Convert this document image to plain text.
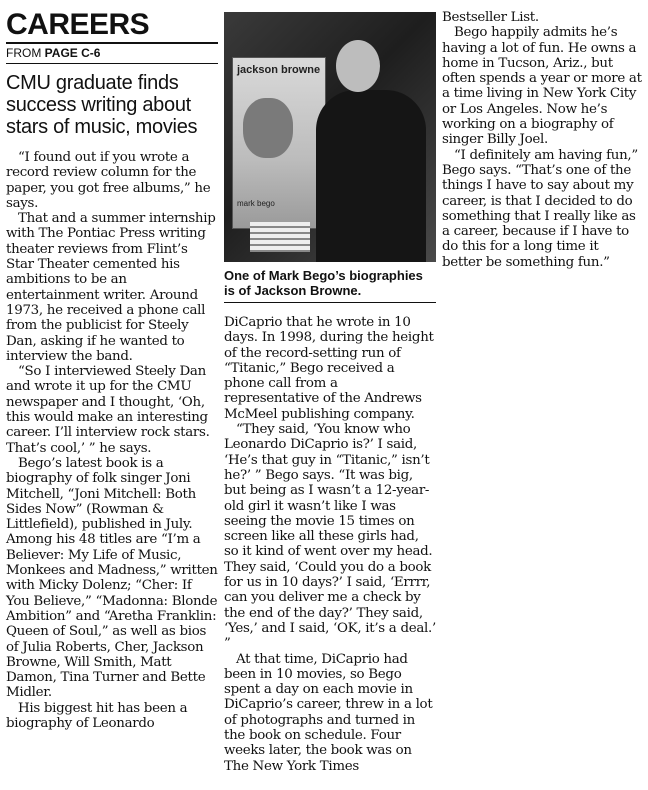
CAREERS
FROM PAGE C-6
CMU graduate finds success writing about stars of music, movies

“I found out if you wrote a record review column for the paper, you got free albums,” he says.

That and a summer internship with The Pontiac Press writing theater reviews from Flint’s Star Theater cemented his ambitions to be an entertainment writer. Around 1973, he received a phone call from the publicist for Steely Dan, asking if he wanted to interview the band.

“So I interviewed Steely Dan and wrote it up for the CMU newspaper and I thought, ‘Oh, this would make an interesting career. I’ll interview rock stars. That’s cool,’ ” he says.

Bego’s latest book is a biography of folk singer Joni Mitchell, “Joni Mitchell: Both Sides Now” (Rowman & Littlefield), published in July. Among his 48 titles are “I’m a Believer: My Life of Music, Monkees and Madness,” written with Micky Dolenz; “Cher: If You Believe,” “Madonna: Blonde Ambition” and “Aretha Franklin: Queen of Soul,” as well as bios of Julia Roberts, Cher, Jackson Browne, Will Smith, Matt Damon, Tina Turner and Bette Midler.

His biggest hit has been a biography of Leonardo

jackson browne
mark bego
One of Mark Bego’s biographies is of Jackson Browne.

DiCaprio that he wrote in 10 days. In 1998, during the height of the record-setting run of “Titanic,” Bego received a phone call from a representative of the Andrews McMeel publishing company.

“They said, ‘You know who Leonardo DiCaprio is?’ I said, ‘He’s that guy in “Titanic,” isn’t he?’ ” Bego says. “It was big, but being as I wasn’t a 12-year-old girl it wasn’t like I was seeing the movie 15 times on screen like all these girls had, so it kind of went over my head. They said, ‘Could you do a book for us in 10 days?’ I said, ‘Errrr, can you deliver me a check by the end of the day?’ They said, ‘Yes,’ and I said, ‘OK, it’s a deal.’ ”

At that time, DiCaprio had been in 10 movies, so Bego spent a day on each movie in DiCaprio’s career, threw in a lot of photographs and turned in the book on schedule. Four weeks later, the book was on The New York Times

Bestseller List.

Bego happily admits he’s having a lot of fun. He owns a home in Tucson, Ariz., but often spends a year or more at a time living in New York City or Los Angeles. Now he’s working on a biography of singer Billy Joel.

“I definitely am having fun,” Bego says. “That’s one of the things I have to say about my career, is that I decided to do something that I really like as a career, because if I have to do this for a long time it better be something fun.”
